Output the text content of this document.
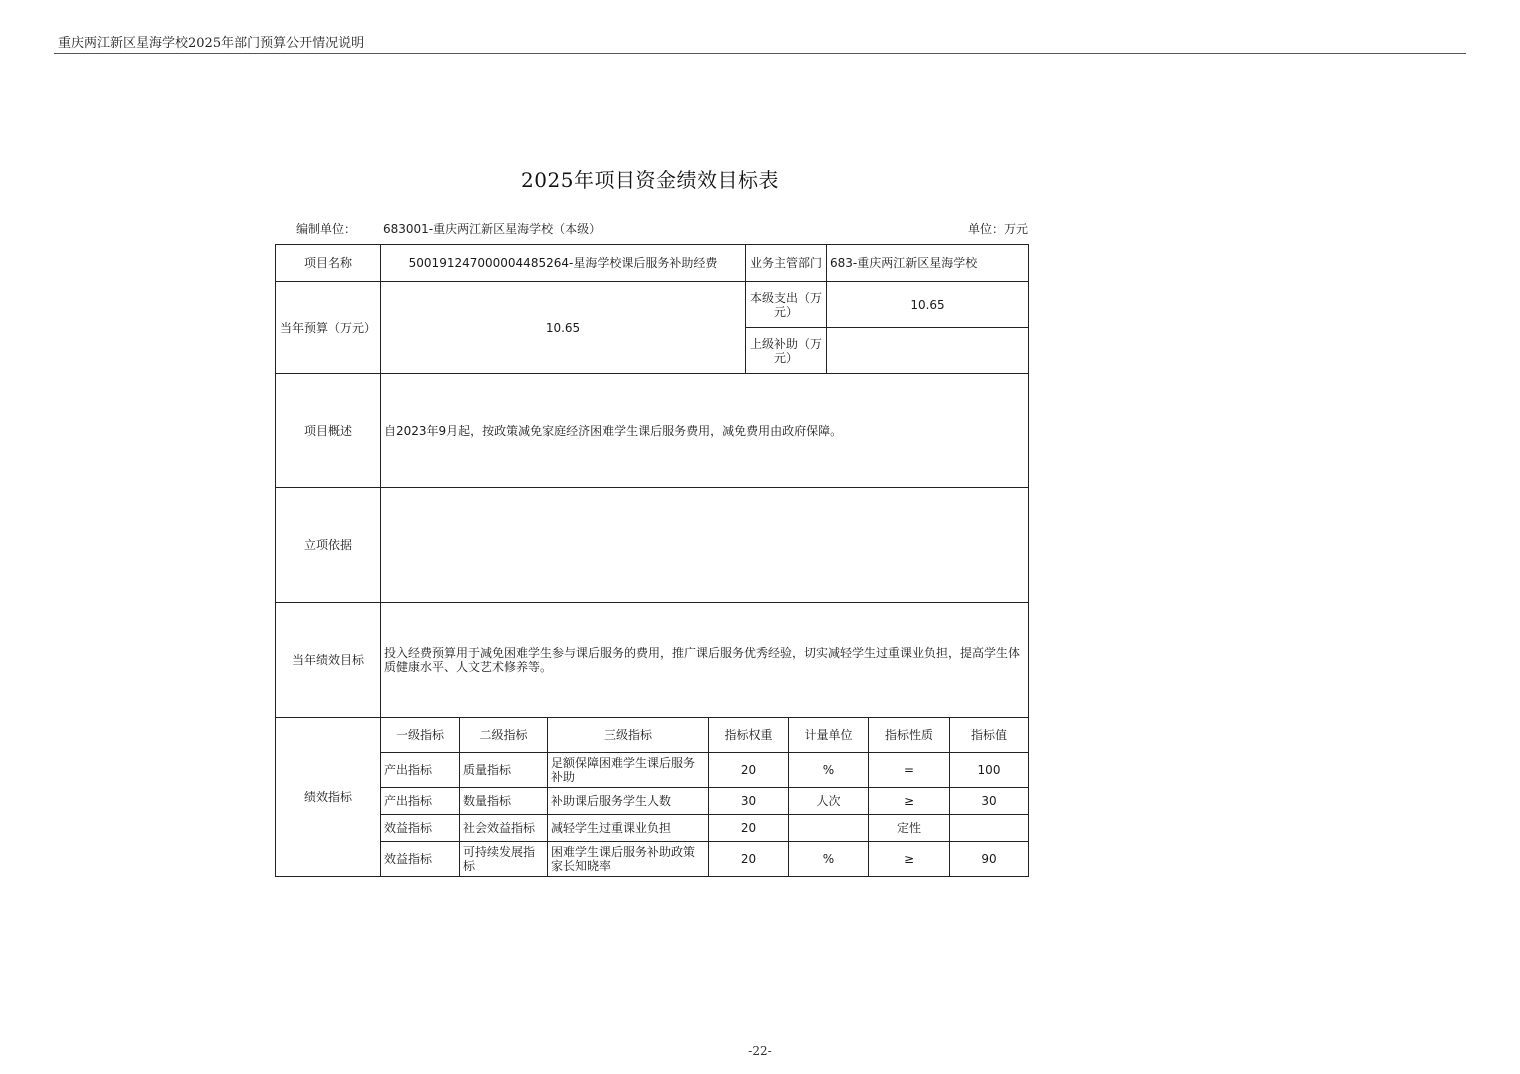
重庆两江新区星海学校2025年部门预算公开情况说明
2025年项目资金绩效目标表
编制单位： 683001-重庆两江新区星海学校（本级）	单位：万元
项目名称	500191247000004485264-星海学校课后服务补助经费				业务主管部门		683-重庆两江新区星海学校		
当年预算（万元）	10.65				本级支出（万元）		10.65		
					上级补助（万元）				
项目概述	自2023年9月起，按政策减免家庭经济困难学生课后服务费用，减免费用由政府保障。								
立项依据									
当年绩效目标	投入经费预算用于减免困难学生参与课后服务的费用，推广课后服务优秀经验，切实减轻学生过重课业负担，提高学生体质健康水平、人文艺术修养等。								
绩效指标	一级指标	二级指标	三级指标	指标权重		计量单位		指标性质	指标值
	产出指标	质量指标	足额保障困难学生课后服务补助	20		%		=	100
	产出指标	数量指标	补助课后服务学生人数	30		人次		≥	30
	效益指标	社会效益指标	减轻学生过重课业负担	20				定性	
	效益指标	可持续发展指标	困难学生课后服务补助政策家长知晓率	20		%		≥	90
-22-
